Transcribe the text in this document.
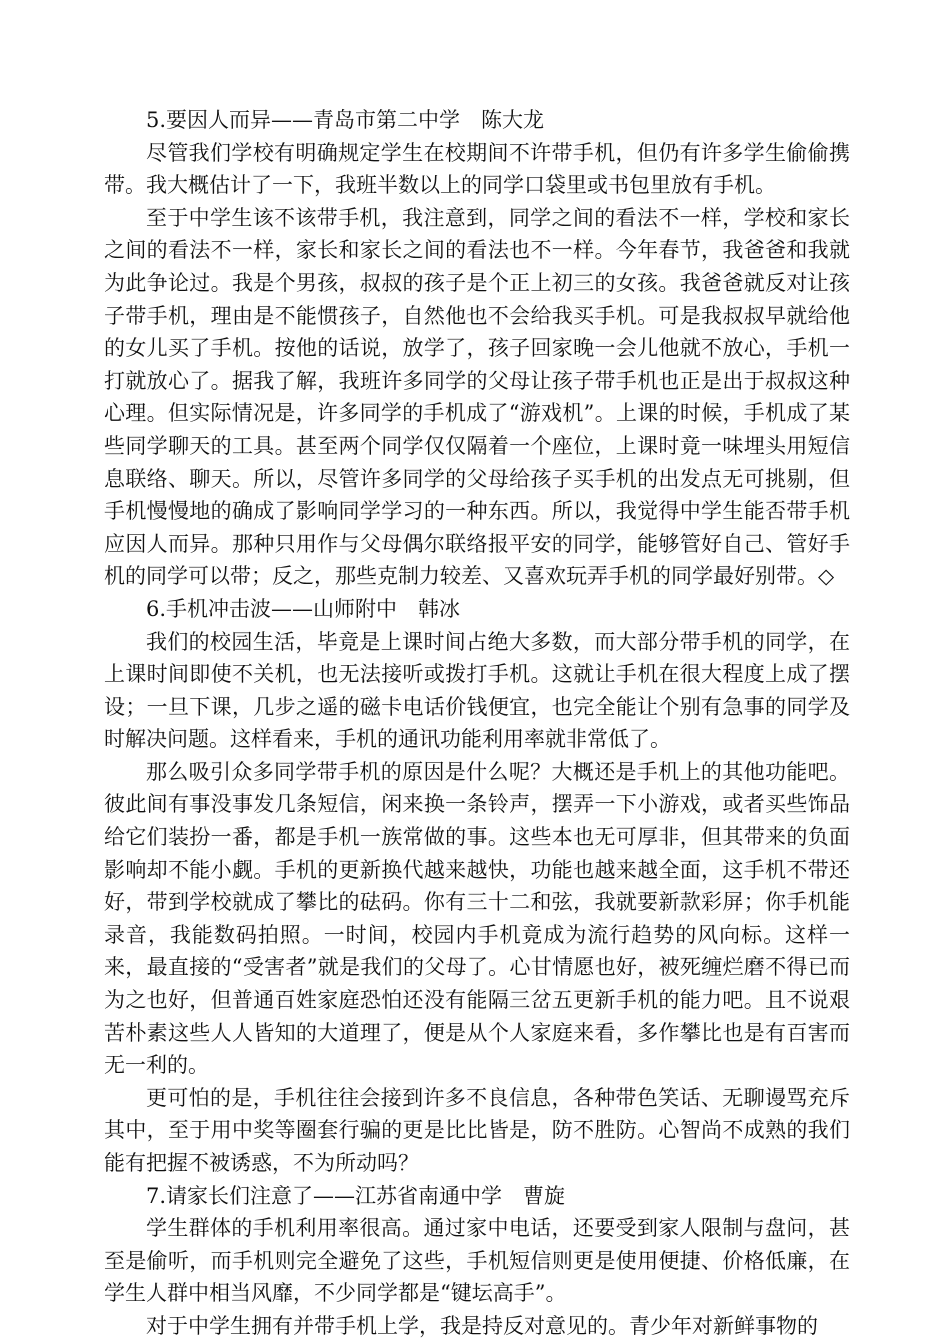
5.要因人而异——青岛市第二中学　陈大龙

尽管我们学校有明确规定学生在校期间不许带手机，但仍有许多学生偷偷携带。我大概估计了一下，我班半数以上的同学口袋里或书包里放有手机。

至于中学生该不该带手机，我注意到，同学之间的看法不一样，学校和家长之间的看法不一样，家长和家长之间的看法也不一样。今年春节，我爸爸和我就为此争论过。我是个男孩，叔叔的孩子是个正上初三的女孩。我爸爸就反对让孩子带手机，理由是不能惯孩子，自然他也不会给我买手机。可是我叔叔早就给他的女儿买了手机。按他的话说，放学了，孩子回家晚一会儿他就不放心，手机一打就放心了。据我了解，我班许多同学的父母让孩子带手机也正是出于叔叔这种心理。但实际情况是，许多同学的手机成了“游戏机”。上课的时候，手机成了某些同学聊天的工具。甚至两个同学仅仅隔着一个座位，上课时竟一味埋头用短信息联络、聊天。所以，尽管许多同学的父母给孩子买手机的出发点无可挑剔，但手机慢慢地的确成了影响同学学习的一种东西。所以，我觉得中学生能否带手机应因人而异。那种只用作与父母偶尔联络报平安的同学，能够管好自己、管好手机的同学可以带；反之，那些克制力较差、又喜欢玩弄手机的同学最好别带。◇

6.手机冲击波——山师附中　韩冰

我们的校园生活，毕竟是上课时间占绝大多数，而大部分带手机的同学，在上课时间即使不关机，也无法接听或拨打手机。这就让手机在很大程度上成了摆设；一旦下课，几步之遥的磁卡电话价钱便宜，也完全能让个别有急事的同学及时解决问题。这样看来，手机的通讯功能利用率就非常低了。

那么吸引众多同学带手机的原因是什么呢？大概还是手机上的其他功能吧。彼此间有事没事发几条短信，闲来换一条铃声，摆弄一下小游戏，或者买些饰品给它们装扮一番，都是手机一族常做的事。这些本也无可厚非，但其带来的负面影响却不能小觑。手机的更新换代越来越快，功能也越来越全面，这手机不带还好，带到学校就成了攀比的砝码。你有三十二和弦，我就要新款彩屏；你手机能录音，我能数码拍照。一时间，校园内手机竟成为流行趋势的风向标。这样一来，最直接的“受害者”就是我们的父母了。心甘情愿也好，被死缠烂磨不得已而为之也好，但普通百姓家庭恐怕还没有能隔三岔五更新手机的能力吧。且不说艰苦朴素这些人人皆知的大道理了，便是从个人家庭来看，多作攀比也是有百害而无一利的。

更可怕的是，手机往往会接到许多不良信息，各种带色笑话、无聊谩骂充斥其中，至于用中奖等圈套行骗的更是比比皆是，防不胜防。心智尚不成熟的我们能有把握不被诱惑，不为所动吗？

7.请家长们注意了——江苏省南通中学　曹旋

学生群体的手机利用率很高。通过家中电话，还要受到家人限制与盘问，甚至是偷听，而手机则完全避免了这些，手机短信则更是使用便捷、价格低廉，在学生人群中相当风靡，不少同学都是“键坛高手”。

对于中学生拥有并带手机上学，我是持反对意见的。青少年对新鲜事物的
